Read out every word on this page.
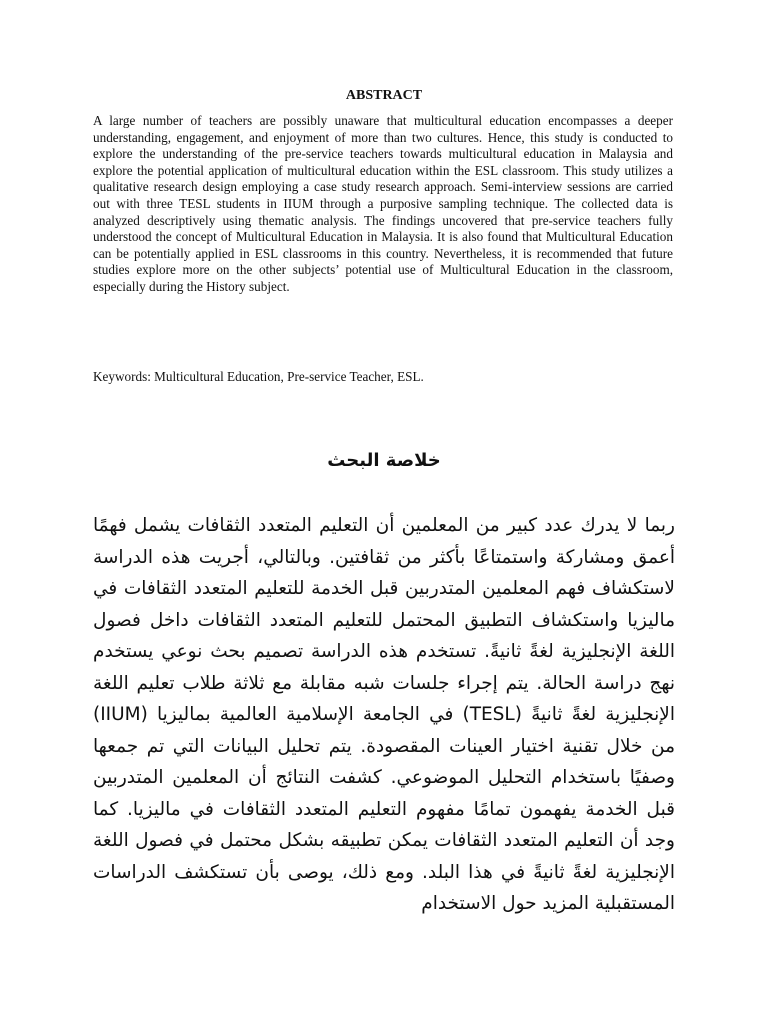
ABSTRACT

A large number of teachers are possibly unaware that multicultural education encompasses a deeper understanding, engagement, and enjoyment of more than two cultures. Hence, this study is conducted to explore the understanding of the pre-service teachers towards multicultural education in Malaysia and explore the potential application of multicultural education within the ESL classroom. This study utilizes a qualitative research design employing a case study research approach. Semi-interview sessions are carried out with three TESL students in IIUM through a purposive sampling technique. The collected data is analyzed descriptively using thematic analysis. The findings uncovered that pre-service teachers fully understood the concept of Multicultural Education in Malaysia. It is also found that Multicultural Education can be potentially applied in ESL classrooms in this country. Nevertheless, it is recommended that future studies explore more on the other subjects’ potential use of Multicultural Education in the classroom, especially during the History subject.

Keywords: Multicultural Education, Pre-service Teacher, ESL.

خلاصة البحث

ربما لا يدرك عدد كبير من المعلمين أن التعليم المتعدد الثقافات يشمل فهمًا أعمق ومشاركة واستمتاعًا بأكثر من ثقافتين. وبالتالي، أجريت هذه الدراسة لاستكشاف فهم المعلمين المتدربين قبل الخدمة للتعليم المتعدد الثقافات في ماليزيا واستكشاف التطبيق المحتمل للتعليم المتعدد الثقافات داخل فصول اللغة الإنجليزية لغةً ثانيةً. تستخدم هذه الدراسة تصميم بحث نوعي يستخدم نهج دراسة الحالة. يتم إجراء جلسات شبه مقابلة مع ثلاثة طلاب تعليم اللغة الإنجليزية لغةً ثانيةً (TESL) في الجامعة الإسلامية العالمية بماليزيا (IIUM) من خلال تقنية اختيار العينات المقصودة. يتم تحليل البيانات التي تم جمعها وصفيًا باستخدام التحليل الموضوعي. كشفت النتائج أن المعلمين المتدربين قبل الخدمة يفهمون تمامًا مفهوم التعليم المتعدد الثقافات في ماليزيا. كما وجد أن التعليم المتعدد الثقافات يمكن تطبيقه بشكل محتمل في فصول اللغة الإنجليزية لغةً ثانيةً في هذا البلد. ومع ذلك، يوصى بأن تستكشف الدراسات المستقبلية المزيد حول الاستخدام
